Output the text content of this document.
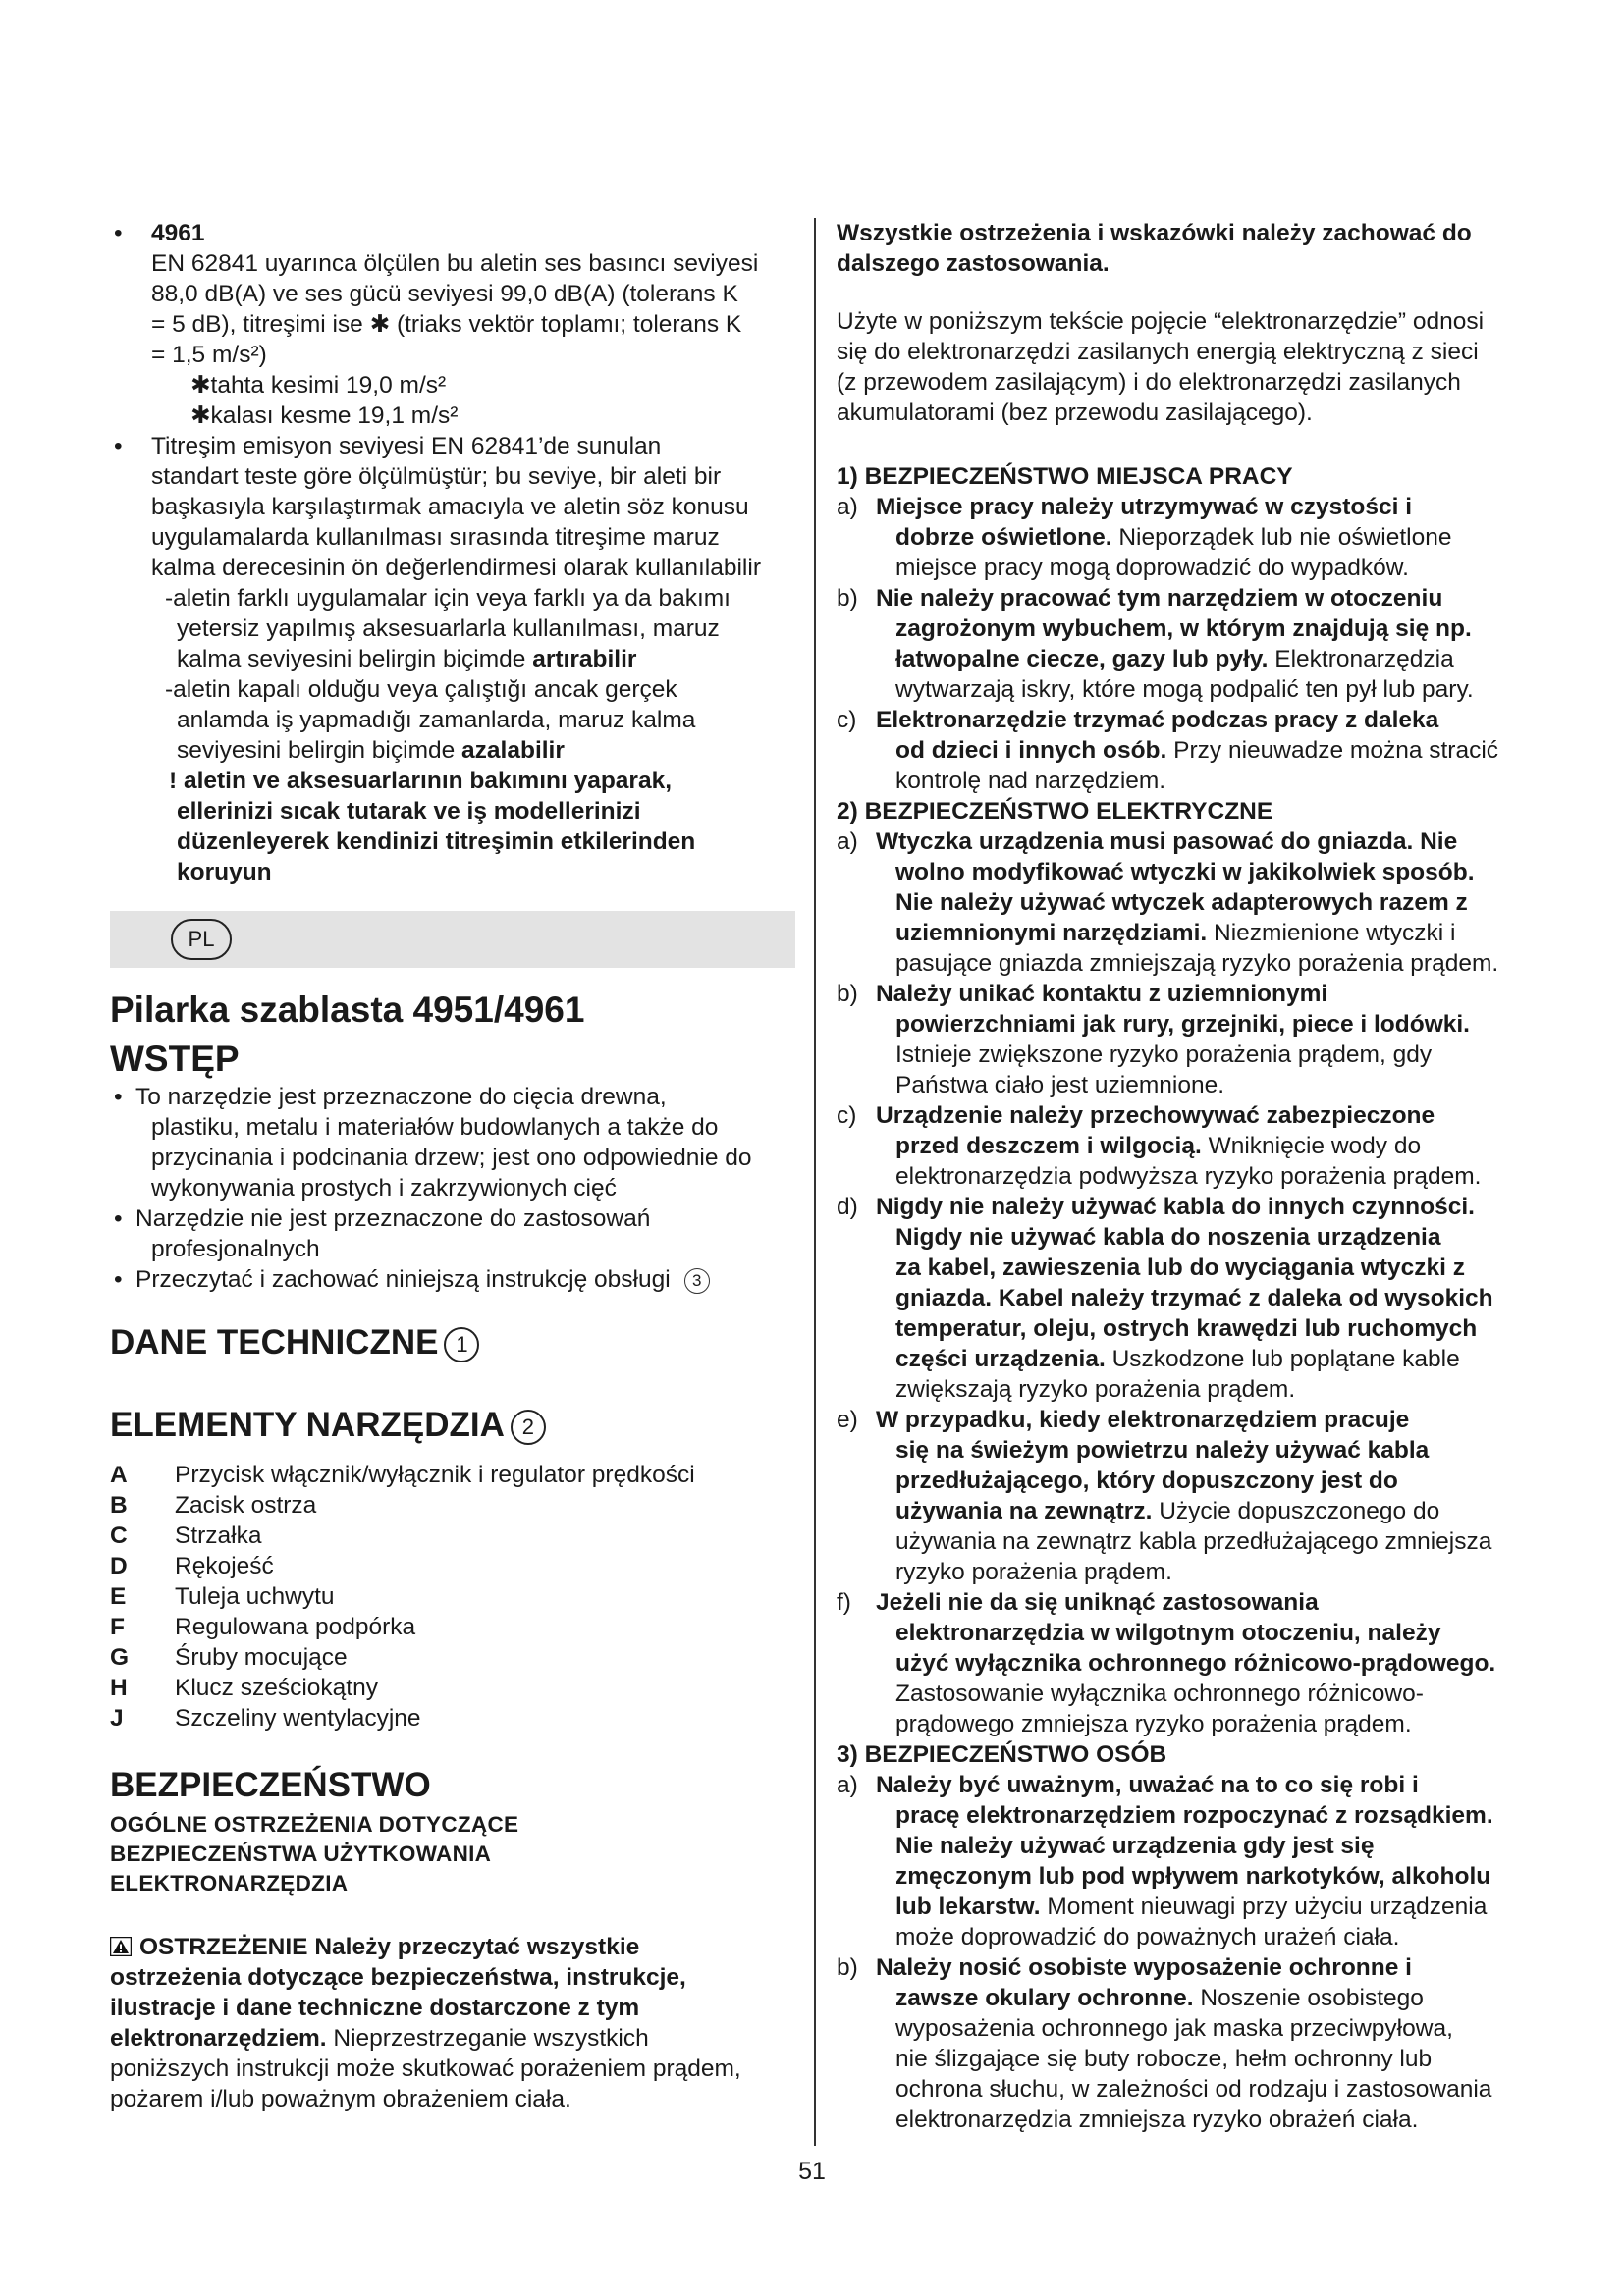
• 4961

EN 62841 uyarınca ölçülen bu aletin ses basıncı seviyesi

88,0 dB(A) ve ses gücü seviyesi 99,0 dB(A) (tolerans K

= 5 dB), titreşimi ise ✱ (triaks vektör toplamı; tolerans K

= 1,5 m/s²)

✱tahta kesimi 19,0 m/s²

✱kalası kesme 19,1 m/s²

• Titreşim emisyon seviyesi EN 62841’de sunulan

standart teste göre ölçülmüştür; bu seviye, bir aleti bir

başkasıyla karşılaştırmak amacıyla ve aletin söz konusu

uygulamalarda kullanılması sırasında titreşime maruz

kalma derecesinin ön değerlendirmesi olarak kullanılabilir

-aletin farklı uygulamalar için veya farklı ya da bakımı

yetersiz yapılmış aksesuarlarla kullanılması, maruz

kalma seviyesini belirgin biçimde artırabilir

-aletin kapalı olduğu veya çalıştığı ancak gerçek

anlamda iş yapmadığı zamanlarda, maruz kalma

seviyesini belirgin biçimde azalabilir

! aletin ve aksesuarlarının bakımını yaparak,

ellerinizi sıcak tutarak ve iş modellerinizi

düzenleyerek kendinizi titreşimin etkilerinden

koruyun

PL
Pilarka szablasta 4951/4961
WSTĘP
• To narzędzie jest przeznaczone do cięcia drewna,

plastiku, metalu i materiałów budowlanych a także do

przycinania i podcinania drzew; jest ono odpowiednie do

wykonywania prostych i zakrzywionych cięć

• Narzędzie nie jest przeznaczone do zastosowań

profesjonalnych

• Przeczytać i zachować niniejszą instrukcję obsługi 3

DANE TECHNICZNE 1
ELEMENTY NARZĘDZIA 2
A	Przycisk włącznik/wyłącznik i regulator prędkości
B	Zacisk ostrza
C	Strzałka
D	Rękojeść
E	Tuleja uchwytu
F	Regulowana podpórka
G	Śruby mocujące
H	Klucz sześciokątny
J	Szczeliny wentylacyjne
BEZPIECZEŃSTWO

OGÓLNE OSTRZEŻENIA DOTYCZĄCE

BEZPIECZEŃSTWA UŻYTKOWANIA

ELEKTRONARZĘDZIA

OSTRZEŻENIE Należy przeczytać wszystkie

ostrzeżenia dotyczące bezpieczeństwa, instrukcje,

ilustracje i dane techniczne dostarczone z tym

elektronarzędziem. Nieprzestrzeganie wszystkich

poniższych instrukcji może skutkować porażeniem prądem,

pożarem i/lub poważnym obrażeniem ciała.

Wszystkie ostrzeżenia i wskazówki należy zachować do

dalszego zastosowania.

Użyte w poniższym tekście pojęcie “elektronarzędzie” odnosi

się do elektronarzędzi zasilanych energią elektryczną z sieci

(z przewodem zasilającym) i do elektronarzędzi zasilanych

akumulatorami (bez przewodu zasilającego).

1) BEZPIECZEŃSTWO MIEJSCA PRACY

a) Miejsce pracy należy utrzymywać w czystości i

dobrze oświetlone. Nieporządek lub nie oświetlone

miejsce pracy mogą doprowadzić do wypadków.

b) Nie należy pracować tym narzędziem w otoczeniu

zagrożonym wybuchem, w którym znajdują się np.

łatwopalne ciecze, gazy lub pyły. Elektronarzędzia

wytwarzają iskry, które mogą podpalić ten pył lub pary.

c) Elektronarzędzie trzymać podczas pracy z daleka

od dzieci i innych osób. Przy nieuwadze można stracić

kontrolę nad narzędziem.

2) BEZPIECZEŃSTWO ELEKTRYCZNE

a) Wtyczka urządzenia musi pasować do gniazda. Nie

wolno modyfikować wtyczki w jakikolwiek sposób.

Nie należy używać wtyczek adapterowych razem z

uziemnionymi narzędziami. Niezmienione wtyczki i

pasujące gniazda zmniejszają ryzyko porażenia prądem.

b) Należy unikać kontaktu z uziemnionymi

powierzchniami jak rury, grzejniki, piece i lodówki.

Istnieje zwiększone ryzyko porażenia prądem, gdy

Państwa ciało jest uziemnione.

c) Urządzenie należy przechowywać zabezpieczone

przed deszczem i wilgocią. Wniknięcie wody do

elektronarzędzia podwyższa ryzyko porażenia prądem.

d) Nigdy nie należy używać kabla do innych czynności.

Nigdy nie używać kabla do noszenia urządzenia

za kabel, zawieszenia lub do wyciągania wtyczki z

gniazda. Kabel należy trzymać z daleka od wysokich

temperatur, oleju, ostrych krawędzi lub ruchomych

części urządzenia. Uszkodzone lub poplątane kable

zwiększają ryzyko porażenia prądem.

e) W przypadku, kiedy elektronarzędziem pracuje

się na świeżym powietrzu należy używać kabla

przedłużającego, który dopuszczony jest do

używania na zewnątrz. Użycie dopuszczonego do

używania na zewnątrz kabla przedłużającego zmniejsza

ryzyko porażenia prądem.

f) Jeżeli nie da się uniknąć zastosowania

elektronarzędzia w wilgotnym otoczeniu, należy

użyć wyłącznika ochronnego różnicowo-prądowego.

Zastosowanie wyłącznika ochronnego różnicowo-

prądowego zmniejsza ryzyko porażenia prądem.

3) BEZPIECZEŃSTWO OSÓB

a) Należy być uważnym, uważać na to co się robi i

pracę elektronarzędziem rozpoczynać z rozsądkiem.

Nie należy używać urządzenia gdy jest się

zmęczonym lub pod wpływem narkotyków, alkoholu

lub lekarstw. Moment nieuwagi przy użyciu urządzenia

może doprowadzić do poważnych urażeń ciała.

b) Należy nosić osobiste wyposażenie ochronne i

zawsze okulary ochronne. Noszenie osobistego

wyposażenia ochronnego jak maska przeciwpyłowa,

nie ślizgające się buty robocze, hełm ochronny lub

ochrona słuchu, w zależności od rodzaju i zastosowania

elektronarzędzia zmniejsza ryzyko obrażeń ciała.

51
